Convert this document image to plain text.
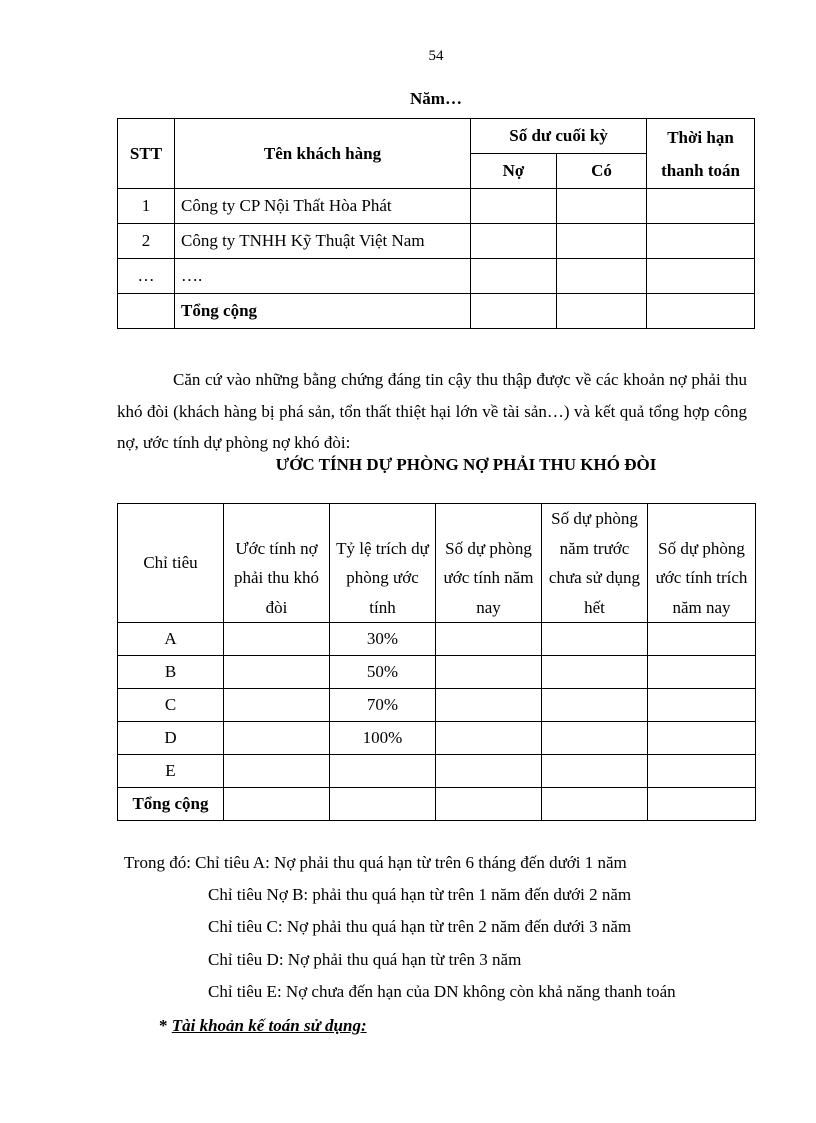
54
Năm…
STT	Tên khách hàng	Số dư cuối kỳ		Thời hạn
thanh toán
		Nợ	Có	
1	Công ty CP Nội Thất Hòa Phát			
2	Công ty TNHH Kỹ Thuật Việt Nam			
…	….			
	Tổng cộng			
Căn cứ vào những bằng chứng đáng tin cậy thu thập được về các khoản nợ phải thu khó đòi (khách hàng bị phá sản, tổn thất thiệt hại lớn về tài sản…) và kết quả tổng hợp công nợ, ước tính dự phòng nợ khó đòi:
ƯỚC TÍNH DỰ PHÒNG NỢ PHẢI THU KHÓ ĐÒI
Chỉ tiêu	Ước tính nợ phải thu khó đòi	Tỷ lệ trích dự phòng ước tính	Số dự phòng ước tính năm nay	Số dự phòng năm trước chưa sử dụng hết	Số dự phòng ước tính trích năm nay
A		30%			
B		50%			
C		70%			
D		100%			
E					
Tổng cộng					
Trong đó: Chỉ tiêu A: Nợ phải thu quá hạn từ trên 6 tháng đến dưới 1 năm
Chỉ tiêu Nợ B: phải thu quá hạn từ trên 1 năm đến dưới 2 năm
Chỉ tiêu C: Nợ phải thu quá hạn từ trên 2 năm đến dưới 3 năm
Chỉ tiêu D: Nợ phải thu quá hạn từ trên 3 năm
Chỉ tiêu E: Nợ chưa đến hạn của DN không còn khả năng thanh toán
* Tài khoản kế toán sử dụng:
